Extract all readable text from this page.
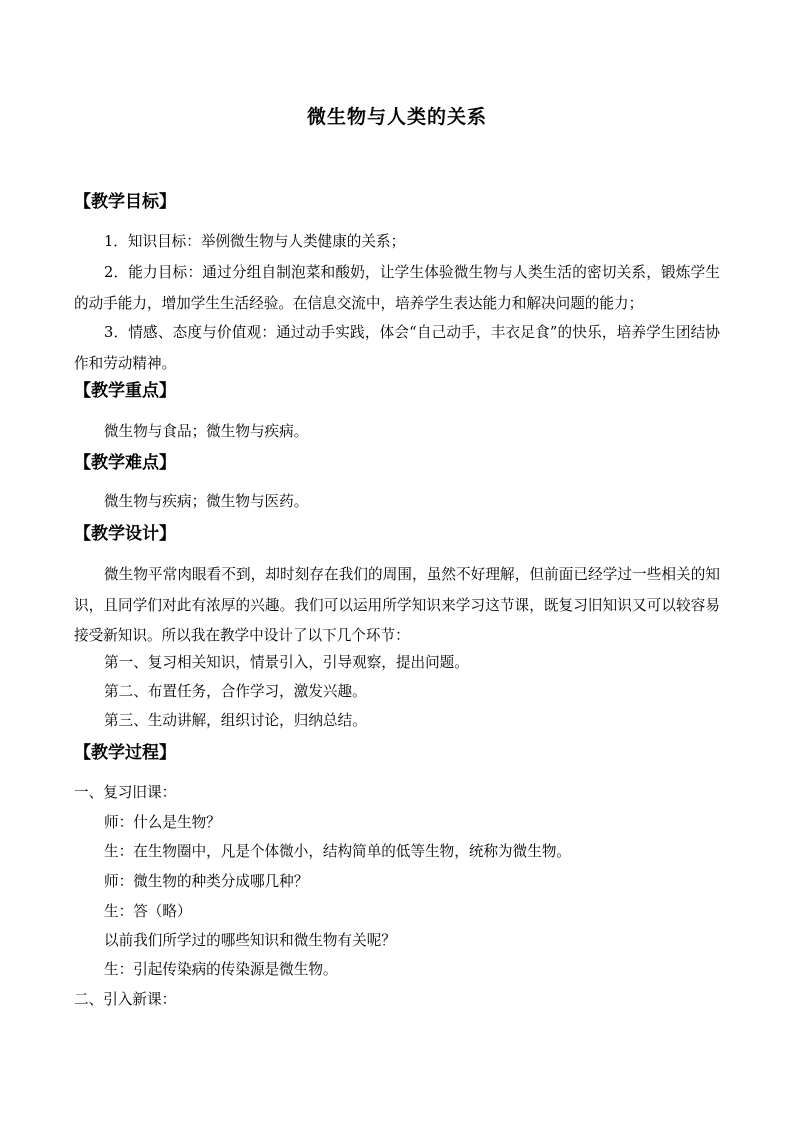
微生物与人类的关系
【教学目标】
1．知识目标：举例微生物与人类健康的关系；
2．能力目标：通过分组自制泡菜和酸奶，让学生体验微生物与人类生活的密切关系，锻炼学生的动手能力，增加学生生活经验。在信息交流中，培养学生表达能力和解决问题的能力；
3．情感、态度与价值观：通过动手实践，体会“自己动手，丰衣足食”的快乐，培养学生团结协作和劳动精神。
【教学重点】
微生物与食品；微生物与疾病。
【教学难点】
微生物与疾病；微生物与医药。
【教学设计】
微生物平常肉眼看不到，却时刻存在我们的周围，虽然不好理解，但前面已经学过一些相关的知识，且同学们对此有浓厚的兴趣。我们可以运用所学知识来学习这节课，既复习旧知识又可以较容易接受新知识。所以我在教学中设计了以下几个环节：
第一、复习相关知识，情景引入，引导观察，提出问题。
第二、布置任务，合作学习，激发兴趣。
第三、生动讲解，组织讨论，归纳总结。
【教学过程】
一、复习旧课：
师：什么是生物？
生：在生物圈中，凡是个体微小，结构简单的低等生物，统称为微生物。
师：微生物的种类分成哪几种？
生：答（略）
以前我们所学过的哪些知识和微生物有关呢？
生：引起传染病的传染源是微生物。
二、引入新课：
